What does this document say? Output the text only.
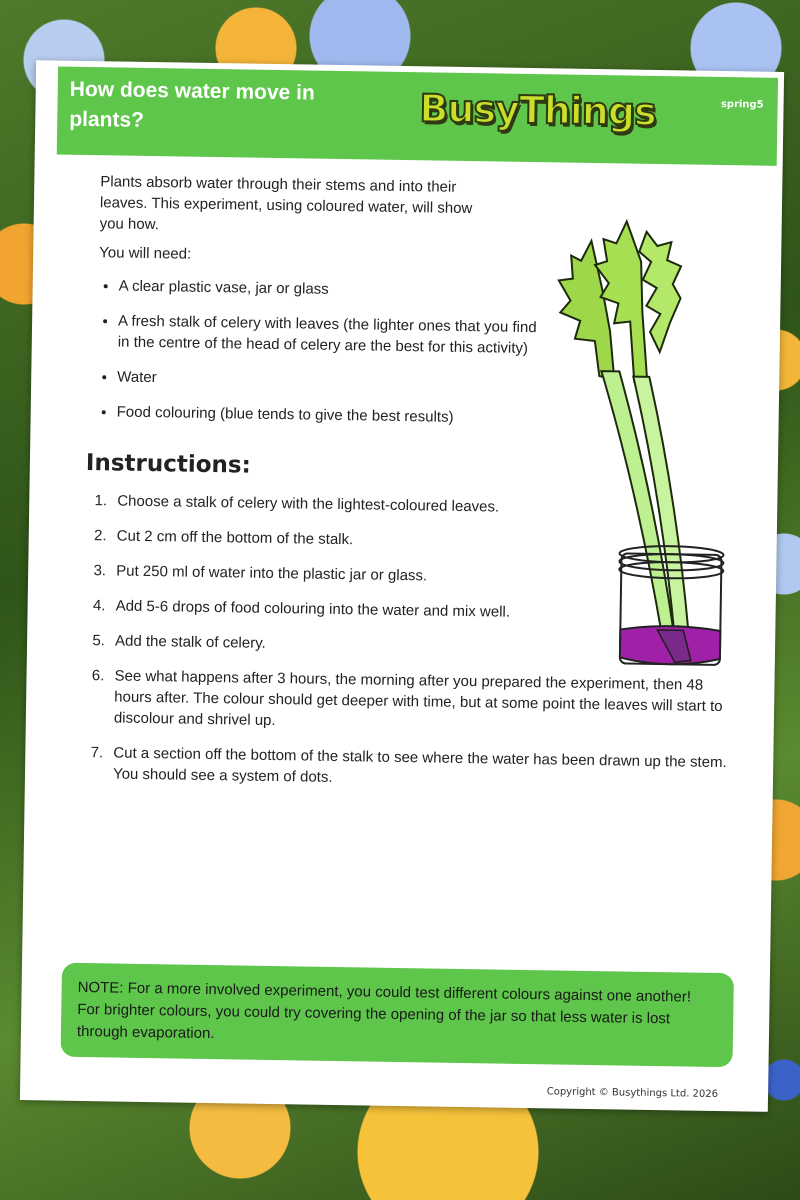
How does water move in plants?	BusyThings	spring5

Plants absorb water through their stems and into their leaves. This experiment, using coloured water, will show you how.

You will need:

• A clear plastic vase, jar or glass
• A fresh stalk of celery with leaves (the lighter ones that you find in the centre of the head of celery are the best for this activity)
• Water
• Food colouring (blue tends to give the best results)
Instructions:
1. Choose a stalk of celery with the lightest-coloured leaves.
2. Cut 2 cm off the bottom of the stalk.
3. Put 250 ml of water into the plastic jar or glass.
4. Add 5-6 drops of food colouring into the water and mix well.
5. Add the stalk of celery.
6. See what happens after 3 hours, the morning after you prepared the experiment, then 48 hours after. The colour should get deeper with time, but at some point the leaves will start to discolour and shrivel up.
7. Cut a section off the bottom of the stalk to see where the water has been drawn up the stem. You should see a system of dots.
NOTE: For a more involved experiment, you could test different colours against one another! For brighter colours, you could try covering the opening of the jar so that less water is lost through evaporation.
Copyright © Busythings Ltd. 2026
